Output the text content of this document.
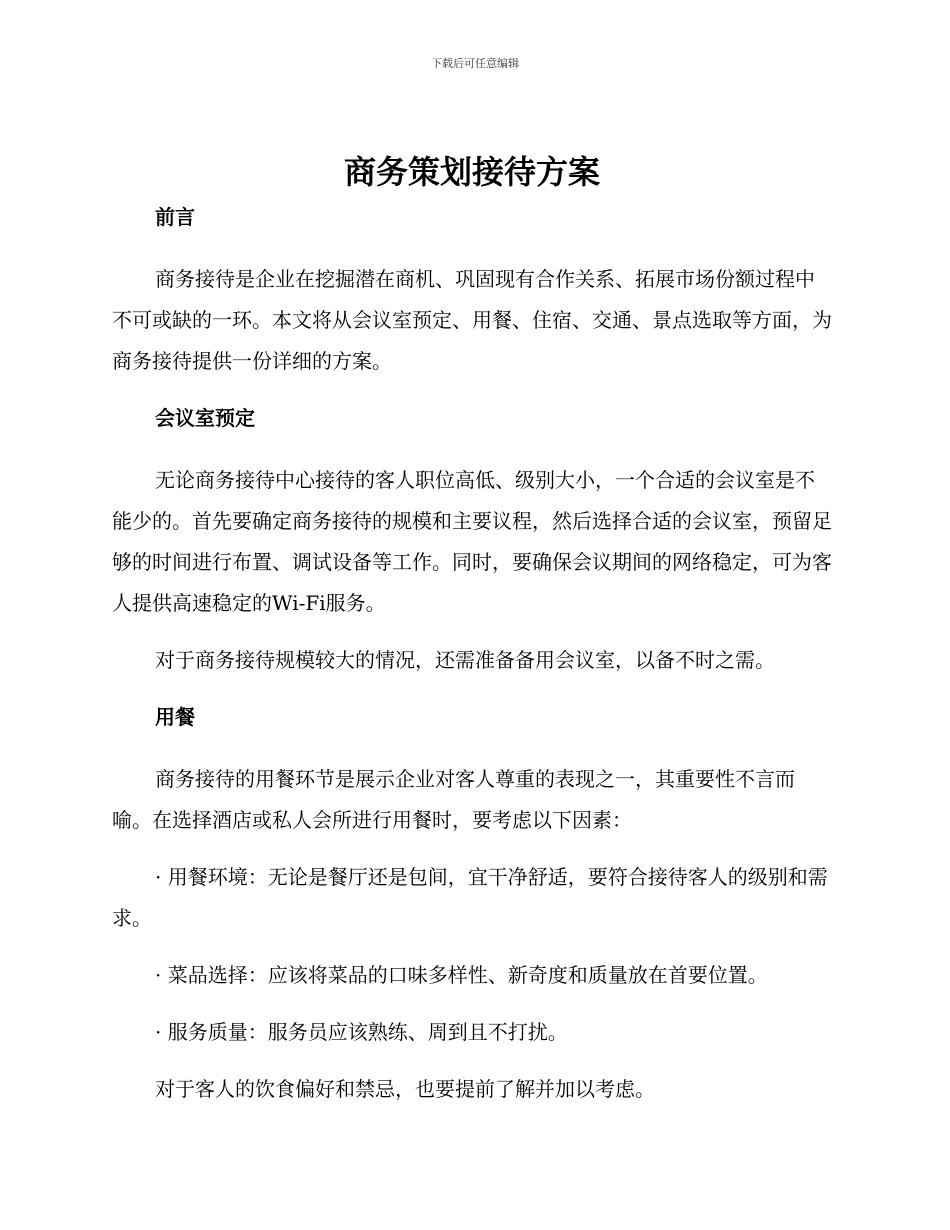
下载后可任意编辑
商务策划接待方案
前言

商务接待是企业在挖掘潜在商机、巩固现有合作关系、拓展市场份额过程中不可或缺的一环。本文将从会议室预定、用餐、住宿、交通、景点选取等方面，为商务接待提供一份详细的方案。

会议室预定

无论商务接待中心接待的客人职位高低、级别大小，一个合适的会议室是不能少的。首先要确定商务接待的规模和主要议程，然后选择合适的会议室，预留足够的时间进行布置、调试设备等工作。同时，要确保会议期间的网络稳定，可为客人提供高速稳定的Wi-Fi服务。

对于商务接待规模较大的情况，还需准备备用会议室，以备不时之需。

用餐

商务接待的用餐环节是展示企业对客人尊重的表现之一，其重要性不言而喻。在选择酒店或私人会所进行用餐时，要考虑以下因素：

· 用餐环境：无论是餐厅还是包间，宜干净舒适，要符合接待客人的级别和需求。

· 菜品选择：应该将菜品的口味多样性、新奇度和质量放在首要位置。

· 服务质量：服务员应该熟练、周到且不打扰。

对于客人的饮食偏好和禁忌，也要提前了解并加以考虑。
